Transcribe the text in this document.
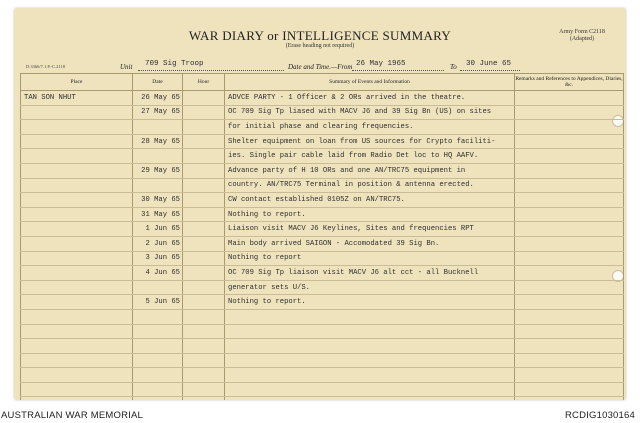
WAR DIARY or INTELLIGENCE SUMMARY
(Erase heading not required)
Army Form C2118
(Adapted)
D.3366/7.1.P.-C.2118	Unit 709 Sig Troop	Date and Time.—From 26 May 1965	To 30 June 65
Place	Date	Hour	Summary of Events and Information	Remarks and References to Appendices, Diaries, &c.
TAN SON NHUT	26 May 65		ADVCE PARTY - 1 Officer & 2 ORs arrived in the theatre.	
	27 May 65		OC 709 Sig Tp liased with MACV J6 and 39 Sig Bn (US) on sites	
			for initial phase and clearing frequencies.	
	28 May 65		Shelter equipment on loan from US sources for Crypto faciliti-	
			ies. Single pair cable laid from Radio Det loc to HQ AAFV.	
	29 May 65		Advance party of H 10 ORs and one AN/TRC75 equipment in	
			country. AN/TRC75 Terminal in position & antenna erected.	
	30 May 65		CW contact established 0105Z on AN/TRC75.	
	31 May 65		Nothing to report.	
	1 Jun 65		Liaison visit MACV J6 Keylines, Sites and frequencies RPT	
	2 Jun 65		Main body arrived SAIGON - Accomodated 39 Sig Bn.	
	3 Jun 65		Nothing to report	
	4 Jun 65		OC 709 Sig Tp liaison visit MACV J6 alt cct - all Bucknell	
			generator sets U/S.	
	5 Jun 65		Nothing to report.	

AUSTRALIAN WAR MEMORIAL	RCDIG1030164
